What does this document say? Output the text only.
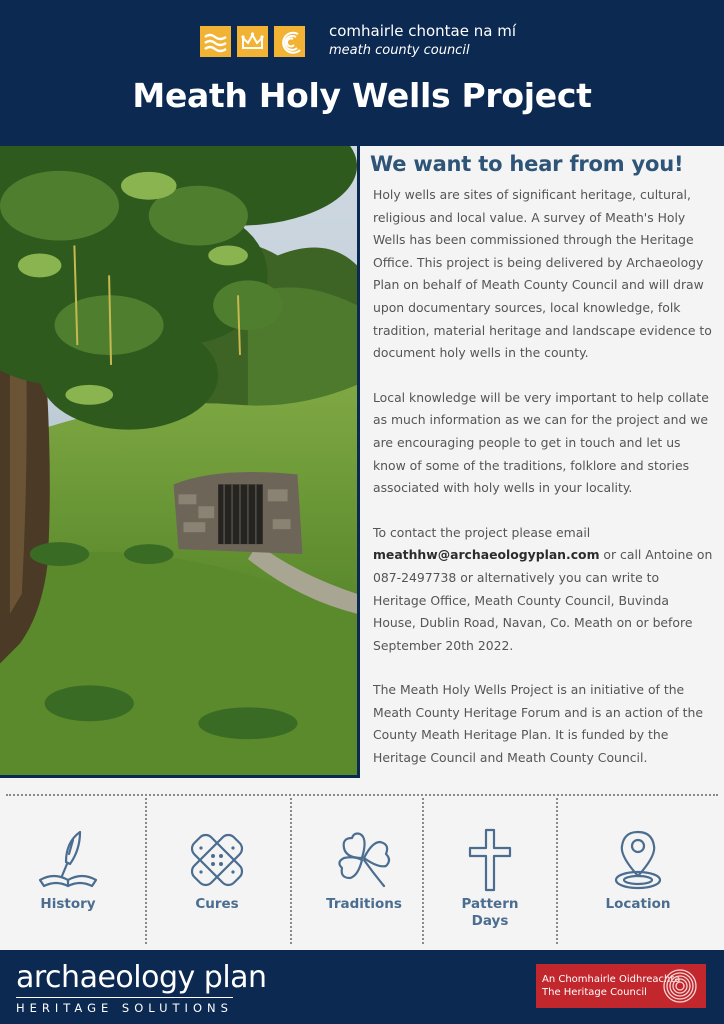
comhairle chontae na mí
meath county council
Meath Holy Wells Project
We want to hear from you!

Holy wells are sites of significant heritage, cultural, religious and local value. A survey of Meath's Holy Wells has been commissioned through the Heritage Office. This project is being delivered by Archaeology Plan on behalf of Meath County Council and will draw upon documentary sources, local knowledge, folk tradition, material heritage and landscape evidence to document holy wells in the county.

Local knowledge will be very important to help collate as much information as we can for the project and we are encouraging people to get in touch and let us know of some of the traditions, folklore and stories associated with holy wells in your locality.

To contact the project please email meathhw@archaeologyplan.com or call Antoine on 087-2497738 or alternatively you can write to Heritage Office, Meath County Council, Buvinda House, Dublin Road, Navan, Co. Meath on or before September 20th 2022.

The Meath Holy Wells Project is an initiative of the Meath County Heritage Forum and is an action of the County Meath Heritage Plan. It is funded by the Heritage Council and Meath County Council.

History	Cures	Traditions	Pattern Days
Location
archaeology plan
HERITAGE SOLUTIONS
An Chomhairle Oidhreachta
The Heritage Council
